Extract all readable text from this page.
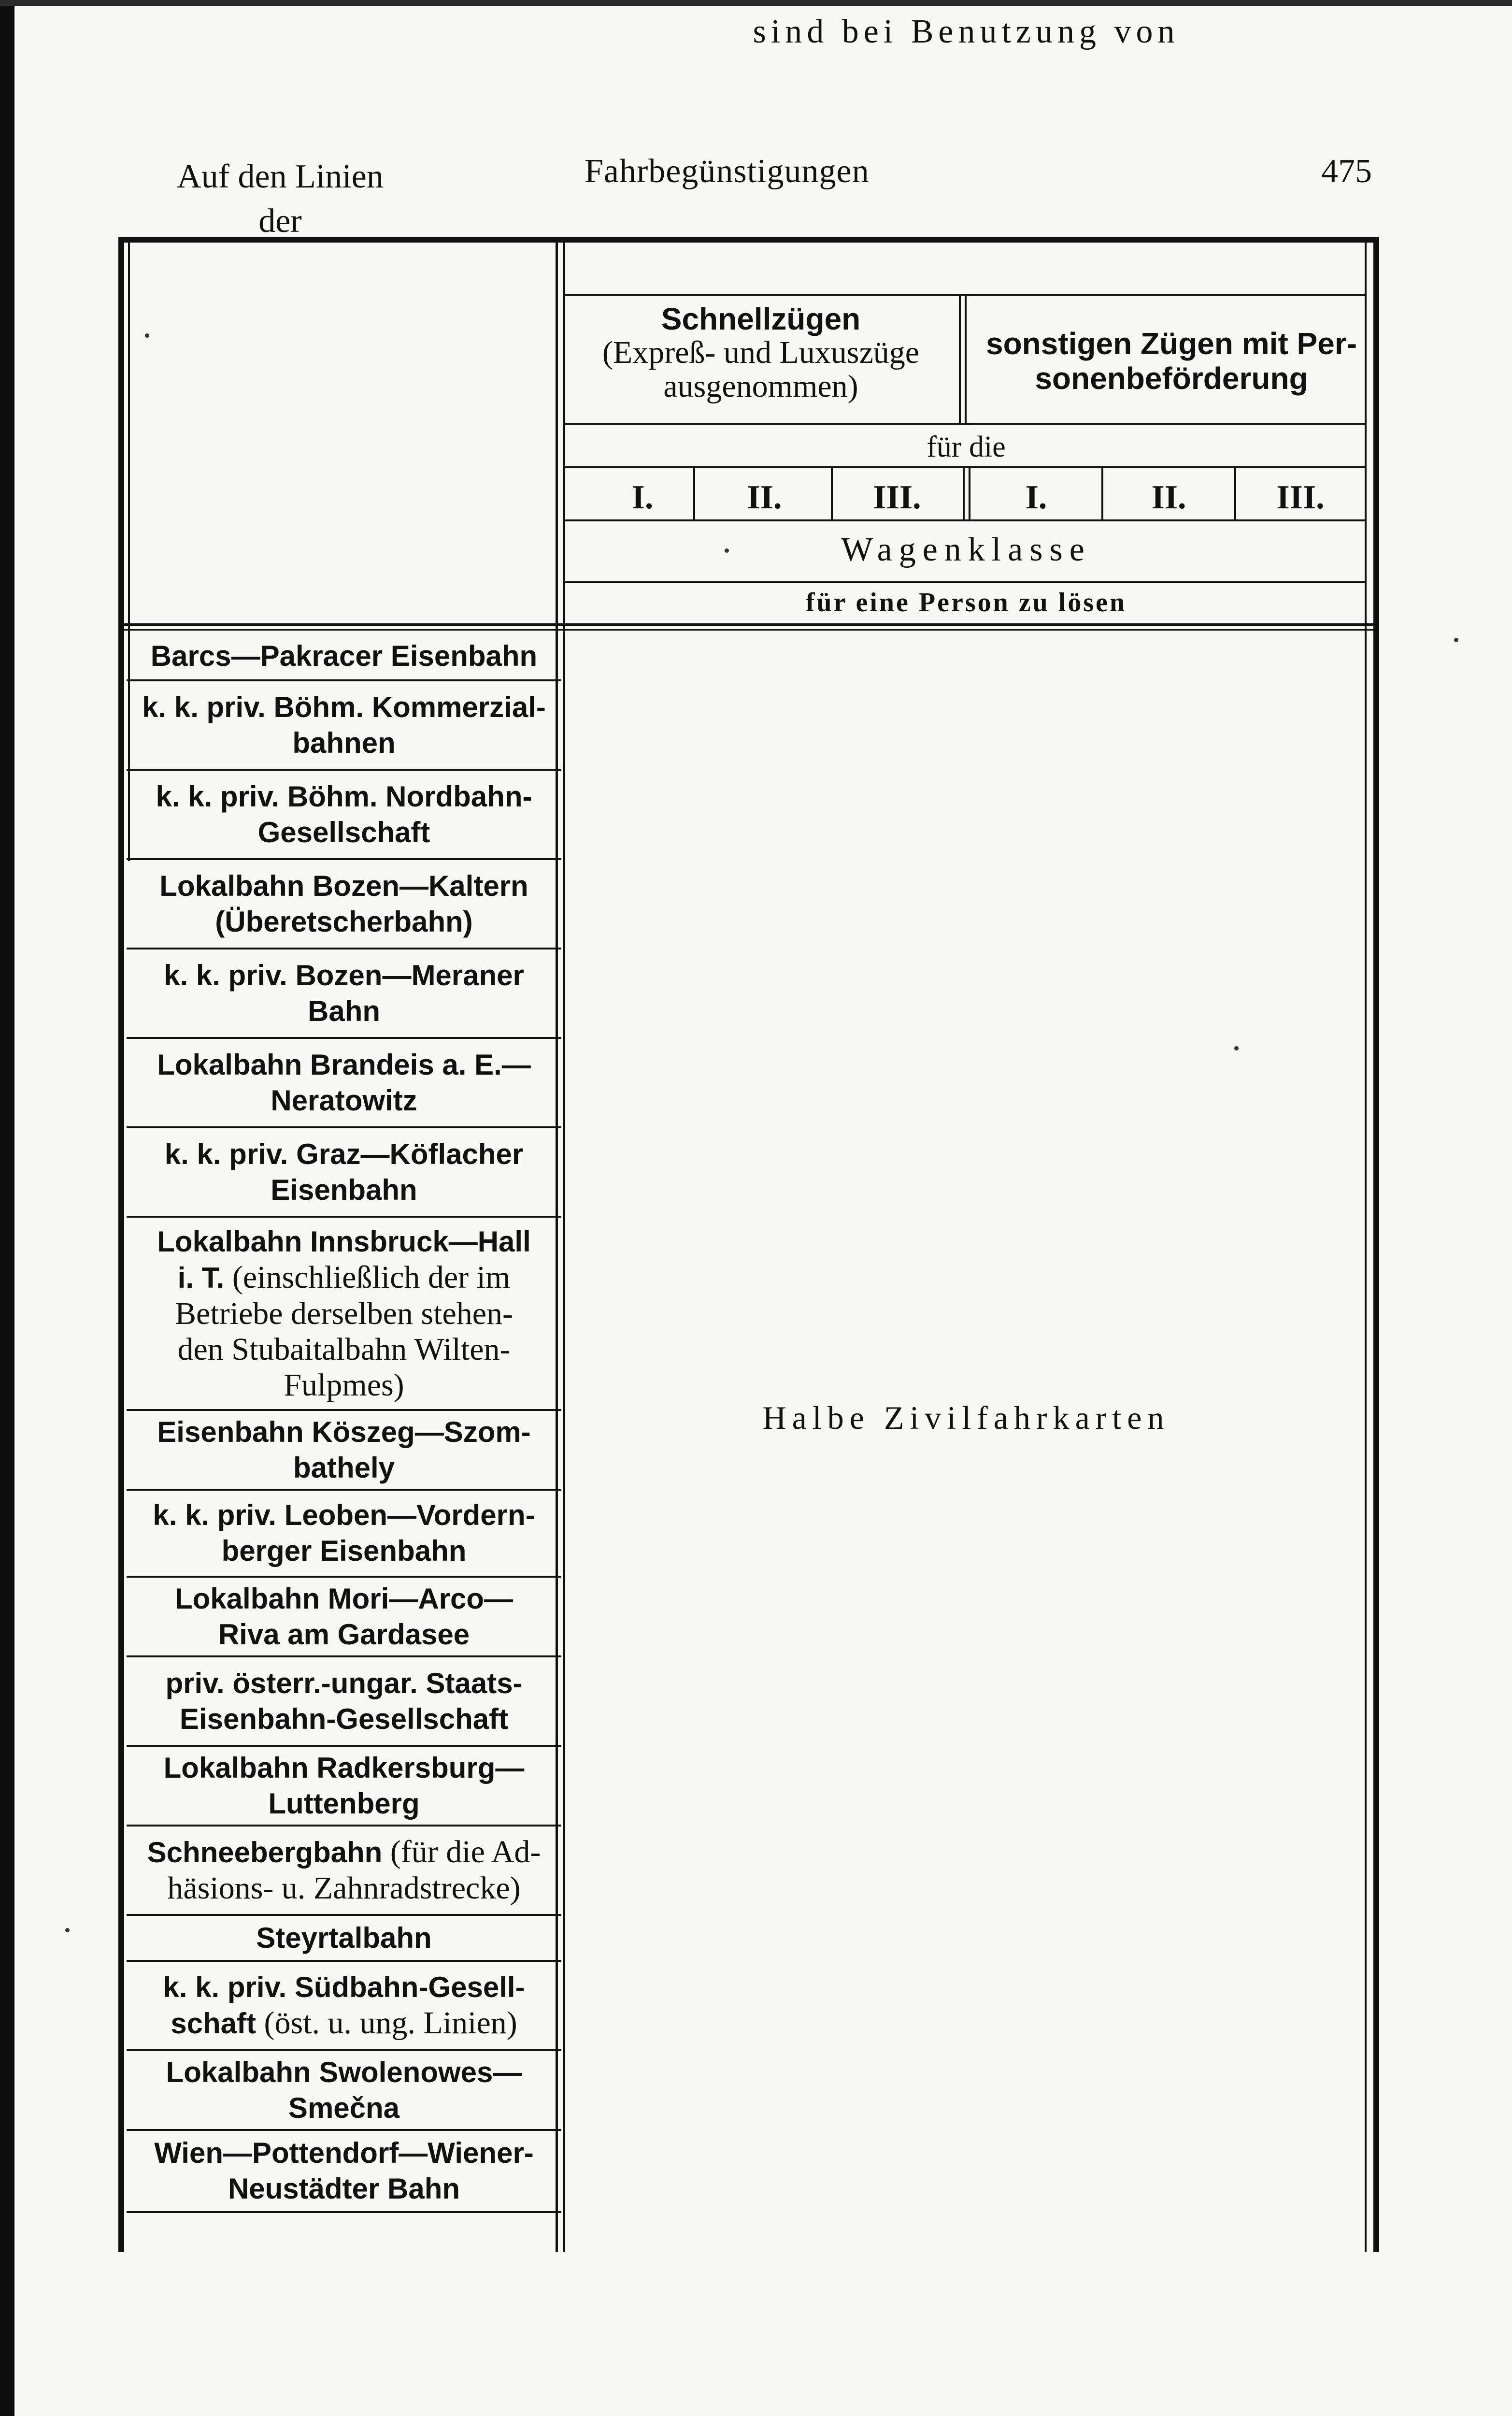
Fahrbegünstigungen	475
Auf den Linien
der
sind bei Benutzung von
Schnellzügen
(Expreß- und Luxuszüge
ausgenommen)
sonstigen Zügen mit Per-
sonenbeförderung
für die
I.	II.	III.	I.	II.	III.
Wagenklasse
für eine Person zu lösen
Barcs—Pakracer Eisenbahn
k. k. priv. Böhm. Kommerzial-
bahnen
k. k. priv. Böhm. Nordbahn-
Gesellschaft
Lokalbahn Bozen—Kaltern
(Überetscherbahn)
k. k. priv. Bozen—Meraner
Bahn
Lokalbahn Brandeis a. E.—
Neratowitz
k. k. priv. Graz—Köflacher
Eisenbahn
Lokalbahn Innsbruck—Hall
i. T. (einschließlich der im
Betriebe derselben stehen-
den Stubaitalbahn Wilten-
Fulpmes)
Eisenbahn Köszeg—Szom-
bathely
k. k. priv. Leoben—Vordern-
berger Eisenbahn
Lokalbahn Mori—Arco—
Riva am Gardasee
priv. österr.-ungar. Staats-
Eisenbahn-Gesellschaft
Lokalbahn Radkersburg—
Luttenberg
Schneebergbahn (für die Ad-
häsions- u. Zahnradstrecke)
Steyrtalbahn
k. k. priv. Südbahn-Gesell-
schaft (öst. u. ung. Linien)
Lokalbahn Swolenowes—
Smečna
Wien—Pottendorf—Wiener-
Neustädter Bahn
Halbe Zivilfahrkarten
